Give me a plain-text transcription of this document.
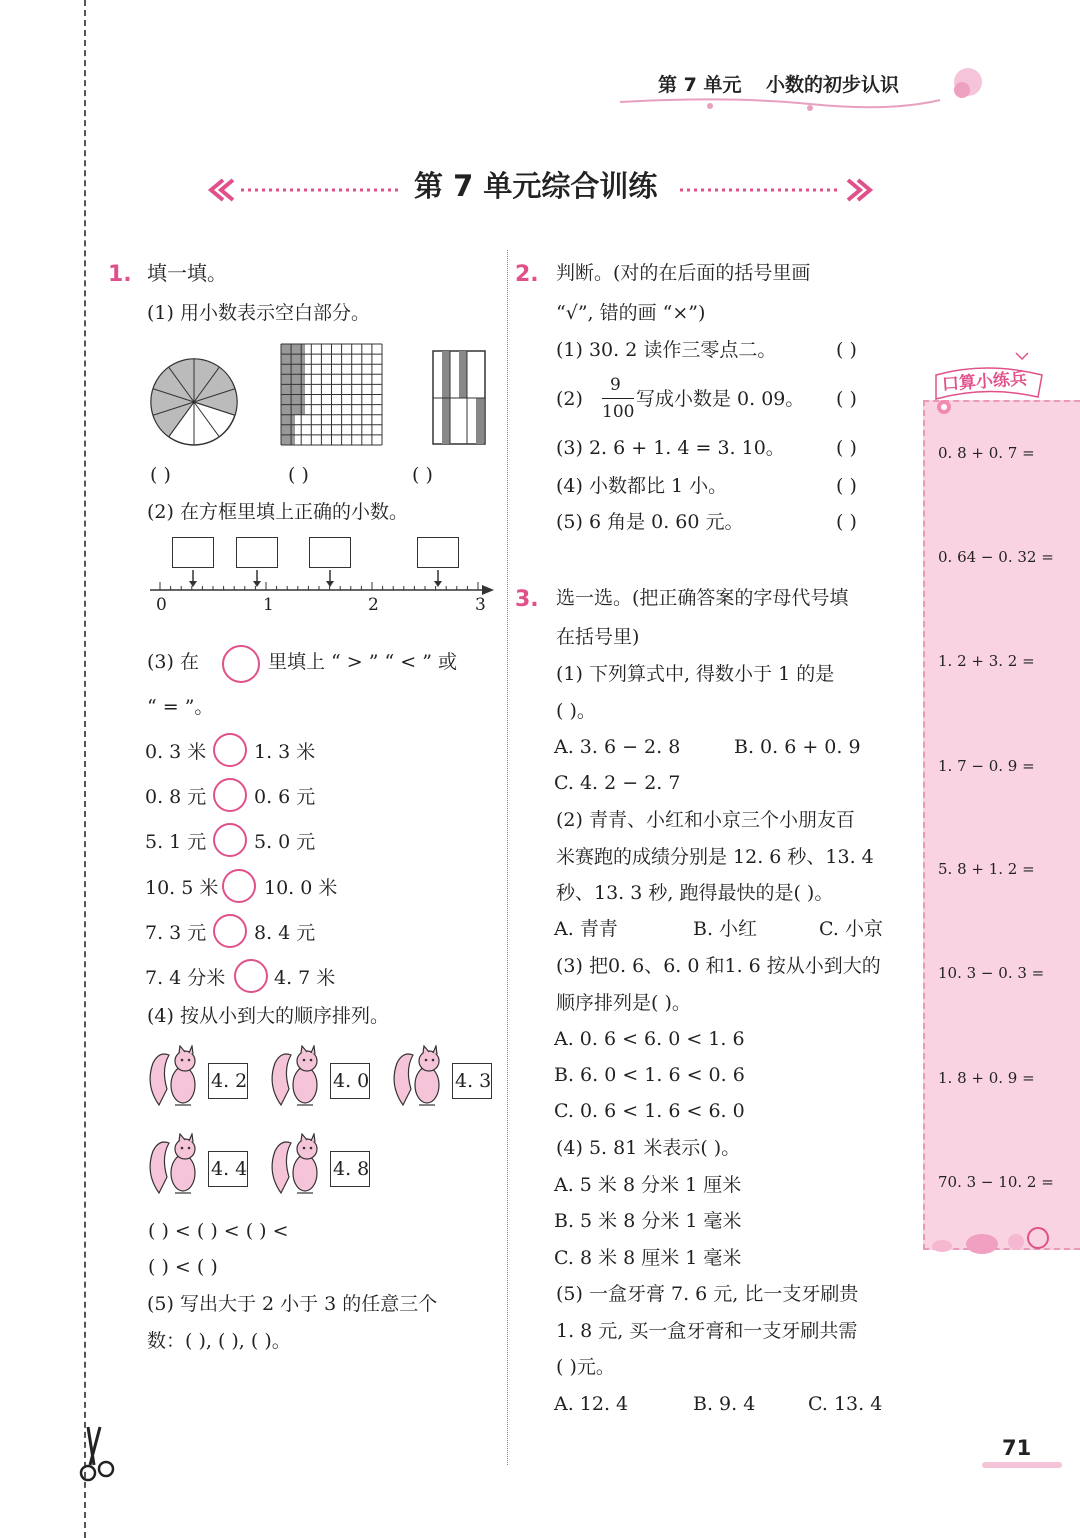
第 7 单元 小数的初步认识
第 7 单元综合训练
1. 填一填。
(1) 用小数表示空白部分。
( )	( )	( )
(2) 在方框里填上正确的小数。
0	1	2	3
(3) 在	里填上 “ > ” “ < ” 或
“ = ”。
0. 3 米	1. 3 米
0. 8 元	0. 6 元
5. 1 元	5. 0 元
10. 5 米 10. 0 米
7. 3 元	8. 4 元
7. 4 分米	4. 7 米
(4) 按从小到大的顺序排列。
4. 2	4. 0	4. 3
4. 4	4. 8
( ) < ( ) < ( ) <
( ) < ( )
(5) 写出大于 2 小于 3 的任意三个
数：( ), ( ), ( )。
2. 判断。(对的在后面的括号里画
“√”, 错的画 “×”)
(1) 30. 2 读作三零点二。	( )
(2)
9
100
写成小数是 0. 09。 ( )
(3) 2. 6 + 1. 4 = 3. 10。	( )
(4) 小数都比 1 小。	( )
(5) 6 角是 0. 60 元。	( )
3. 选一选。(把正确答案的字母代号填
在括号里)
(1) 下列算式中, 得数小于 1 的是
( )。
A. 3. 6 − 2. 8	B. 0. 6 + 0. 9
C. 4. 2 − 2. 7
(2) 青青、小红和小京三个小朋友百
米赛跑的成绩分别是 12. 6 秒、13. 4
秒、13. 3 秒, 跑得最快的是( )。
A. 青青	B. 小红	C. 小京
(3) 把0. 6、6. 0 和1. 6 按从小到大的
顺序排列是( )。
A. 0. 6 < 6. 0 < 1. 6
B. 6. 0 < 1. 6 < 0. 6
C. 0. 6 < 1. 6 < 6. 0
(4) 5. 81 米表示( )。
A. 5 米 8 分米 1 厘米
B. 5 米 8 分米 1 毫米
C. 8 米 8 厘米 1 毫米
(5) 一盒牙膏 7. 6 元, 比一支牙刷贵
1. 8 元, 买一盒牙膏和一支牙刷共需
( )元。
A. 12. 4	B. 9. 4	C. 13. 4
口算小练兵
0. 8 + 0. 7 =
0. 64 − 0. 32 =
1. 2 + 3. 2 =
1. 7 − 0. 9 =
5. 8 + 1. 2 =
10. 3 − 0. 3 =
1. 8 + 0. 9 =
70. 3 − 10. 2 =
71
